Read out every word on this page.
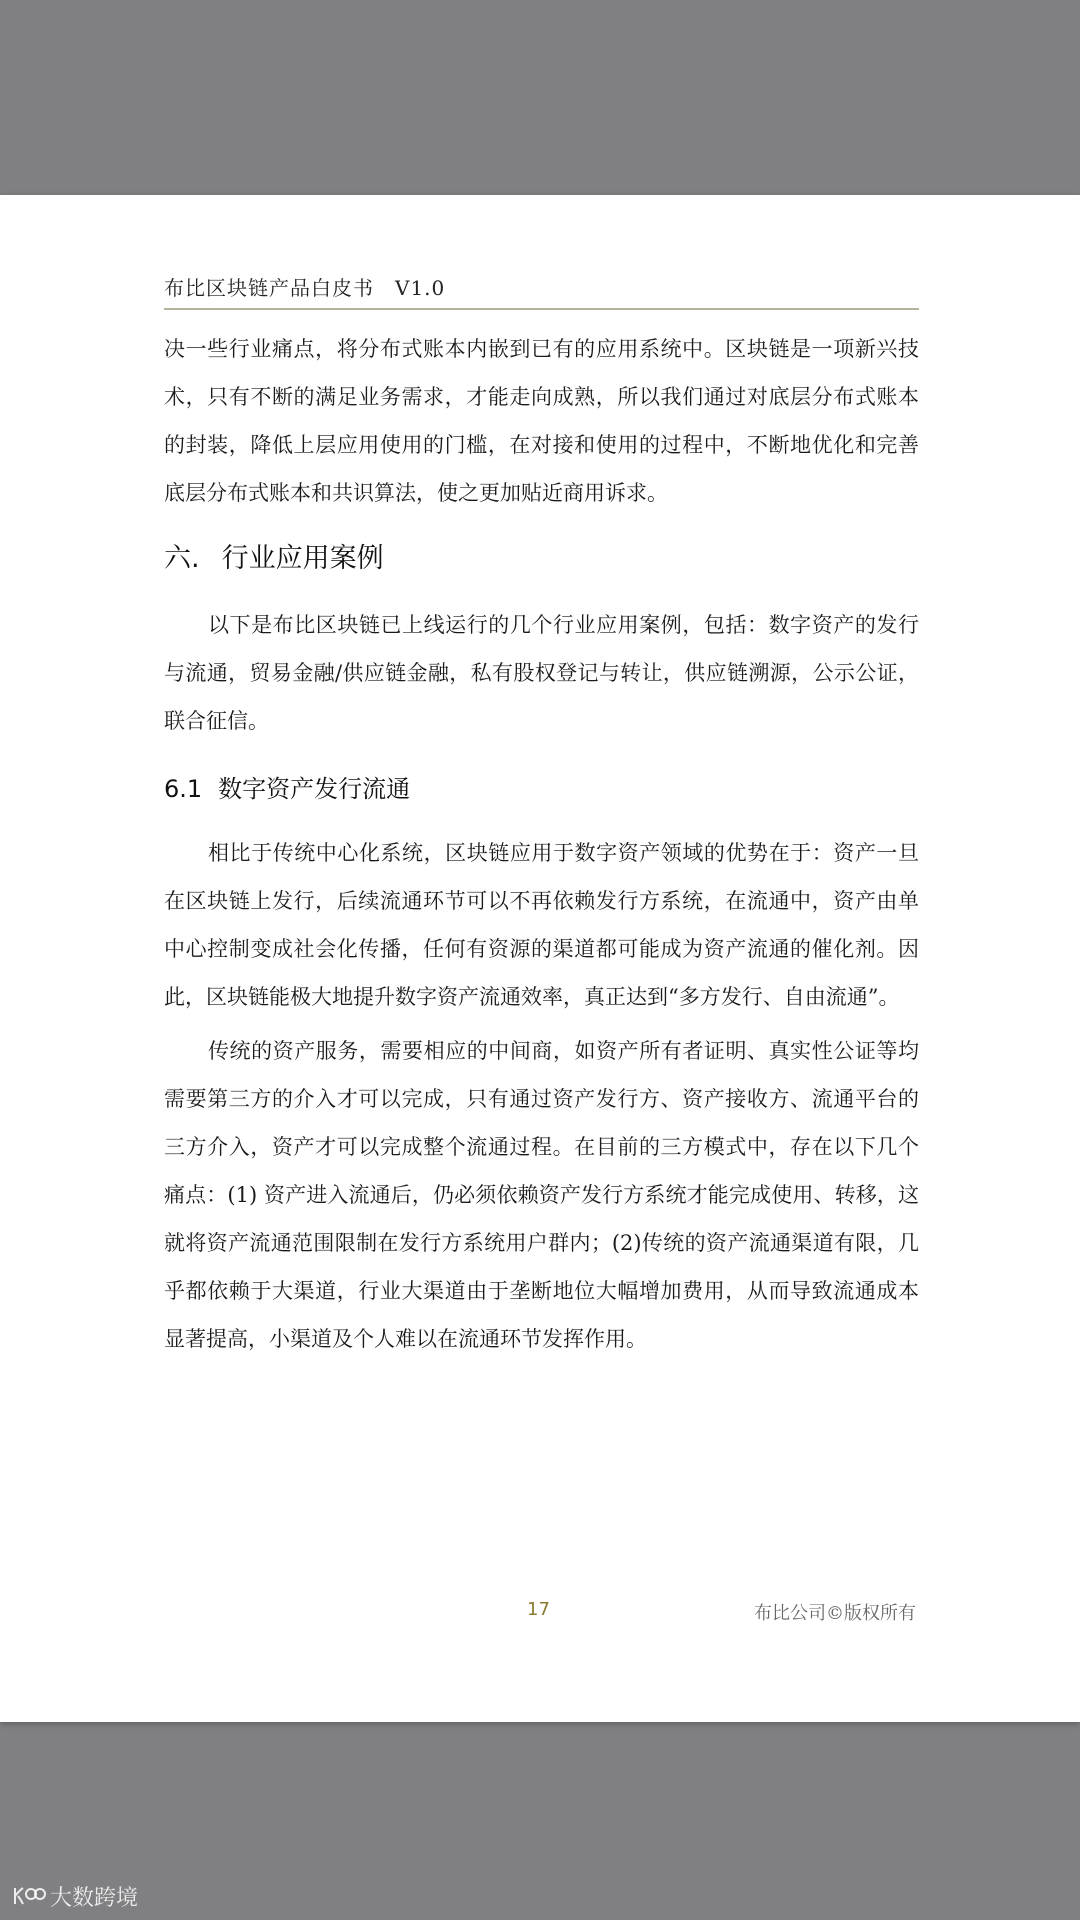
布比区块链产品白皮书　V1.0

决一些行业痛点，将分布式账本内嵌到已有的应用系统中。区块链是一项新兴技术，只有不断的满足业务需求，才能走向成熟，所以我们通过对底层分布式账本的封装，降低上层应用使用的门槛，在对接和使用的过程中，不断地优化和完善底层分布式账本和共识算法，使之更加贴近商用诉求。

六. 行业应用案例

以下是布比区块链已上线运行的几个行业应用案例，包括：数字资产的发行与流通，贸易金融/供应链金融，私有股权登记与转让，供应链溯源，公示公证，联合征信。

6.1 数字资产发行流通

相比于传统中心化系统，区块链应用于数字资产领域的优势在于：资产一旦在区块链上发行，后续流通环节可以不再依赖发行方系统，在流通中，资产由单中心控制变成社会化传播，任何有资源的渠道都可能成为资产流通的催化剂。因此，区块链能极大地提升数字资产流通效率，真正达到“多方发行、自由流通”。

传统的资产服务，需要相应的中间商，如资产所有者证明、真实性公证等均需要第三方的介入才可以完成，只有通过资产发行方、资产接收方、流通平台的三方介入，资产才可以完成整个流通过程。在目前的三方模式中，存在以下几个痛点：(1) 资产进入流通后，仍必须依赖资产发行方系统才能完成使用、转移，这就将资产流通范围限制在发行方系统用户群内；(2)传统的资产流通渠道有限，几乎都依赖于大渠道，行业大渠道由于垄断地位大幅增加费用，从而导致流通成本显著提高，小渠道及个人难以在流通环节发挥作用。

17	布比公司©版权所有
大数跨境
